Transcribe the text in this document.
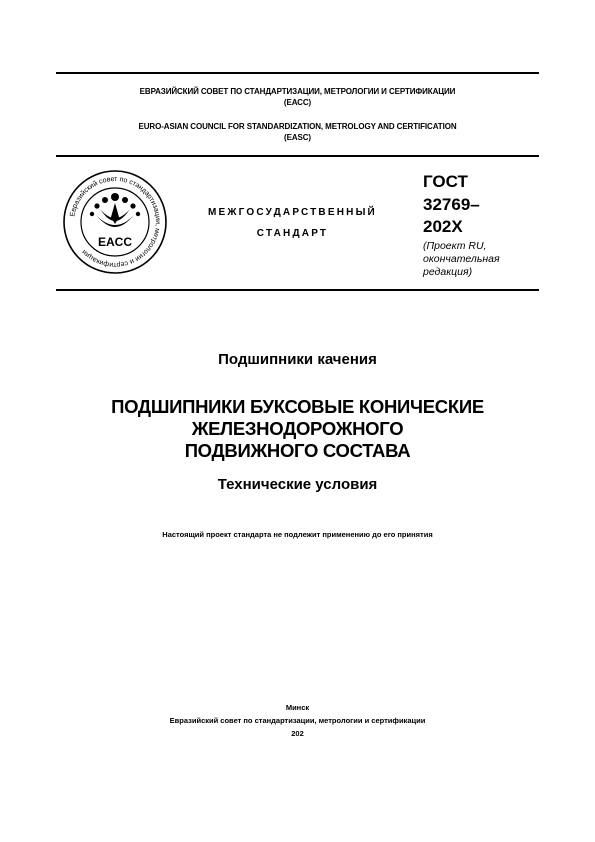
ЕВРАЗИЙСКИЙ СОВЕТ ПО СТАНДАРТИЗАЦИИ, МЕТРОЛОГИИ И СЕРТИФИКАЦИИ
(ЕАСС)
EURO-ASIAN COUNCIL FOR STANDARDIZATION, METROLOGY AND CERTIFICATION
(EASC)
Евразийский совет по стандартизации, метрологии и сертификации
EACC
МЕЖГОСУДАРСТВЕННЫЙ
СТАНДАРТ
ГОСТ
32769–
202X
(Проект RU,
окончательная
редакция)
Подшипники качения
ПОДШИПНИКИ БУКСОВЫЕ КОНИЧЕСКИЕ
ЖЕЛЕЗНОДОРОЖНОГО
ПОДВИЖНОГО СОСТАВА
Технические условия
Настоящий проект стандарта не подлежит применению до его принятия
Минск
Евразийский совет по стандартизации, метрологии и сертификации
202
